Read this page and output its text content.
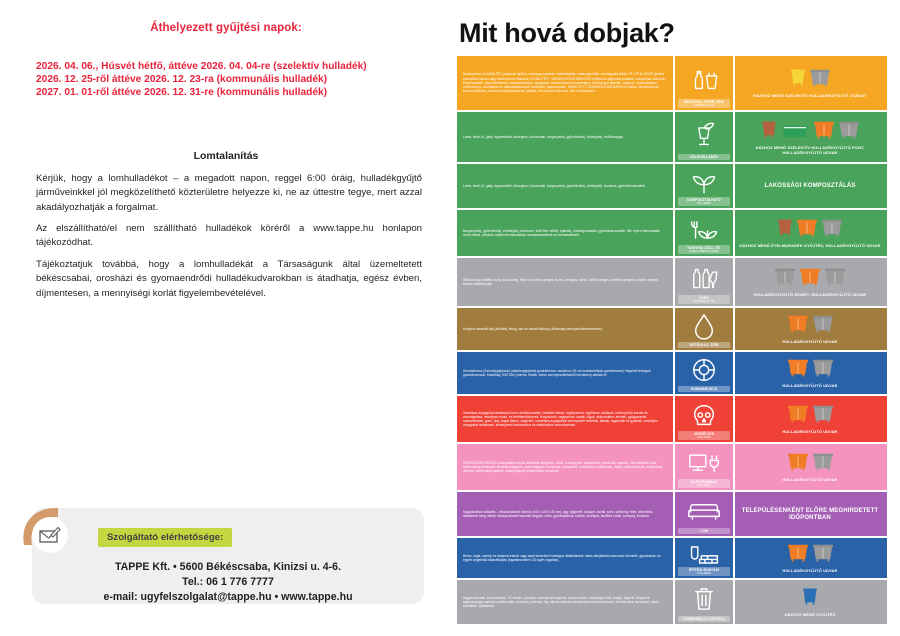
Áthelyezett gyűjtési napok:
2026. 04. 06., Húsvét hétfő, áttéve 2026. 04. 04-re (szelektív hulladék)
2026. 12. 25-ről áttéve 2026. 12. 23-ra (kommunális hulladék)
2027. 01. 01-ről áttéve 2026. 12. 31-re (kommunális hulladék)
Lomtalanítás
Kérjük, hogy a lomhulladékot – a megadott napon, reggel 6:00 óráig, hulladékgyűjtő járműveinkkel jól megközelíthető közterületre helyezze ki, ne az úttestre tegye, mert azzal akadályozhatják a forgalmat.
Az elszállítható/el nem szállítható hulladékok köréről a www.tappe.hu honlapon tájékozódhat.
Tájékoztatjuk továbbá, hogy a lomhulladékát a Társaságunk által üzemeltetett békéscsabai, orosházi és gyomaendrődi hulladékudvarokban is átadhatja, egész évben, díjmentesen, a mennyiségi korlát figyelembevételével.
Szolgáltató elérhetősége:
TAPPE Kft. • 5600 Békéscsaba, Kinizsi u. 4-6.
Tel.: 06 1 776 7777
e-mail: ugyfelszolgalat@tappe.hu • www.tappe.hu
Mit hová dobjak?

Ásványvizes és üdítős PET palackok lapítva, műanyag zacskók, reklámtáskák, műanyag fóliák, csomagolás fóliák, PE, PP és HDPE jelzésű kozmetikai szeres vagy élelmiszeres flakonok, ELÖBLÍTETT, SZENNYEZŐDÉSMENTES tejfölös és joghurtos poharak, margarinos dobozok. Papírhulladék, papírzsebkendő, csomagolópapír, újságpapír, kartondobozok összehajtva, kartonpapír alátétek, írólapok, nyomtatópapír, telefonkönyv, szórólapok és reklámkiadványok, borítékok, papírzacskók, KIÖBLÍTETT, SZENNYEZŐDÉSMENTES italos, sörösdobozok, konzervdobozok, alumínium italosdobozok, alufólia, fém konzervdobozok, fém zárókupakok.

MŰANYAG, PAPÍR, FÉM
(CSOMAGOLÁS)
HÁZHOZ MENŐ SZELEKTÍV HULLADÉKGYŰJTŐ ZSÁKOT

Lomb, levél, fű, gally, ágnyesedék, fakorgács, kórócsutak, burgonyahéj, gyümölcshéj, zöldséghéj, szőlővenyige.

ZÖLDHULLADÉK
HÁZHOZ MENŐ SZELEKTÍV HULLADÉKGYŰJTŐ PONT, HULLADÉKGYŰJTŐ UDVAR

Lomb, levél, fű, gally, ágnyesedék, fakorgács, kórócsutak, burgonyahéj, gyümölcshéj, zöldséghéj, kavicsos, gyümölcsmaradék.

KOMPOSZTÁLHATÓ
HULLADÉK
LAKOSSÁGI KOMPOSZTÁLÁS

Burgonyahéj, gyümölcshéj, zöldséghéj, kávézacc, sütő filter nélkül, tojáshéj, zöldségmaradék, gyümölcsmaradék, főtt, nyers ételmaradék csont nélkül, pékáruk, tejtermék maradékok, tésztamaradékok és húsmaradékok.

KONYHAI ZÖLD- ÉS
ELEMI ZSÍRHULLADÉK
HÁZHOZ MENŐ ÉTELMARADÉK GYŰJTÉS, HULLADÉKGYŰJTŐ UDVAR

Öblös üveg, befőttes üveg, italos üveg, fehér és színes üvegek, boros, pezsgős, sörös, üdítős üvegek, befőttes üvegek, szörpös üvegek, bontott ablaküvegek.

ÜVEG
(CSOMAGOLÁS)
HULLADÉKGYŰJTŐ SZIGET, HULLADÉKGYŰJTŐ UDVAR

Konyhai használt olaj (sütőolaj, étolaj, zsír és annak flakonja (Kizárólag szennyeződésmentesen).

SÜTŐOLAJ, ZSÍR
HULLADÉKGYŰJTŐ UDVAR

Gumiabroncs (Személygépkocsi, kistehergépjármű gumiabroncs, maximum 16 col motorkerékpár gumiabroncs) Végeinél felvágott gumiabroncsok. Kizárólag TISZTÁN (homok, festék, beton szennyeződésektől mentesen) adható le!

GUMIABRONCS
HULLADÉKGYŰJTŐ UDVAR

Veszélyes anyagokat tartalmazó toner, festékmaradék, festékes flakon, hígítószerek, higítószer, oldószer, növényvédő szerek és csomagolása, veszélyes mosó- és fertőtlenítőszerek, fénycsövek, vegyszerek, savak, lúgok, akkumulátor, elemek, gyógyszerek, szárazelemek, gumi, olaj, olajos flakon, olajszűrő, veszélyes anyagokkal szennyezett festékek, lakkok, ragasztók és gyanták, veszélyes anyagokat tartalmazó, kiselejtezett elektronikus és elektronikus berendezések.

VESZÉLYES
HULLADÉK
HULLADÉKGYŰJTŐ UDVAR

MEGBONTÁS NÉLKÜLI használaton kívüli háztartási kisgépek, hűtők, mosógépek, hajszárítók, porszívók, vasalók, mikrohullámú sütő, elektronikus főzőlapok, fényképezőgépek, számítógépek, monitorok, nyomtatók, mobiltelefon, televíziók, rádiók, videokamerák, elektromos játékok, elektronikus játékok, számítógépek elektronikus eszközök.

ELEKTRONIKAI
HULLADÉK
HULLADÉKGYŰJTŐ UDVAR

Nagydarabos hulladék – elhasználódott bútorok (100 x 100 x 80 cm), ágy, ágybetét, kanapé, asztal, szék, szekrény, fotel, heverőtok, ablakkeret üveg nélkül, elhasználódott használt tárgyak, roller, gyerekjátékok, fotelok, kerékpár, tisztított ruhák, szőnyeg, linóleum.

LOM
TELEPÜLÉSENKÉNT ELŐRE MEGHIRDETETT IDŐPONTBAN

Beton, tégla, cserép és kerámia frakció vagy azok keverékei házilagos átalakításból, lakás-felújításból származó törmelék, gipszkarton és egyéb szigetelők lakásfelújítás (ingatlanonként 100 kg/év ingatlan).

ÉPÍTÉSI-BONTÁSI
HULLADÉK
HULLADÉKGYŰJTŐ UDVAR

Nagyszemcsés, zsíros falatok, CD-lemez, porzsák, szennyezett papírok, pizzás doboz, műanyag borító, indigó, fogkefe, fényezett egészségügyi papírok (zsebkendők, szalvéta), pelenka, haj, elhasználódott szennyezett konzervdobozok, ételmaradék, kandaszó, hamu, kosztlitter, tojástálcák.

KOMMUNÁLIS (VEGYES)
HÁZHOZ MENŐ GYŰJTÉS
